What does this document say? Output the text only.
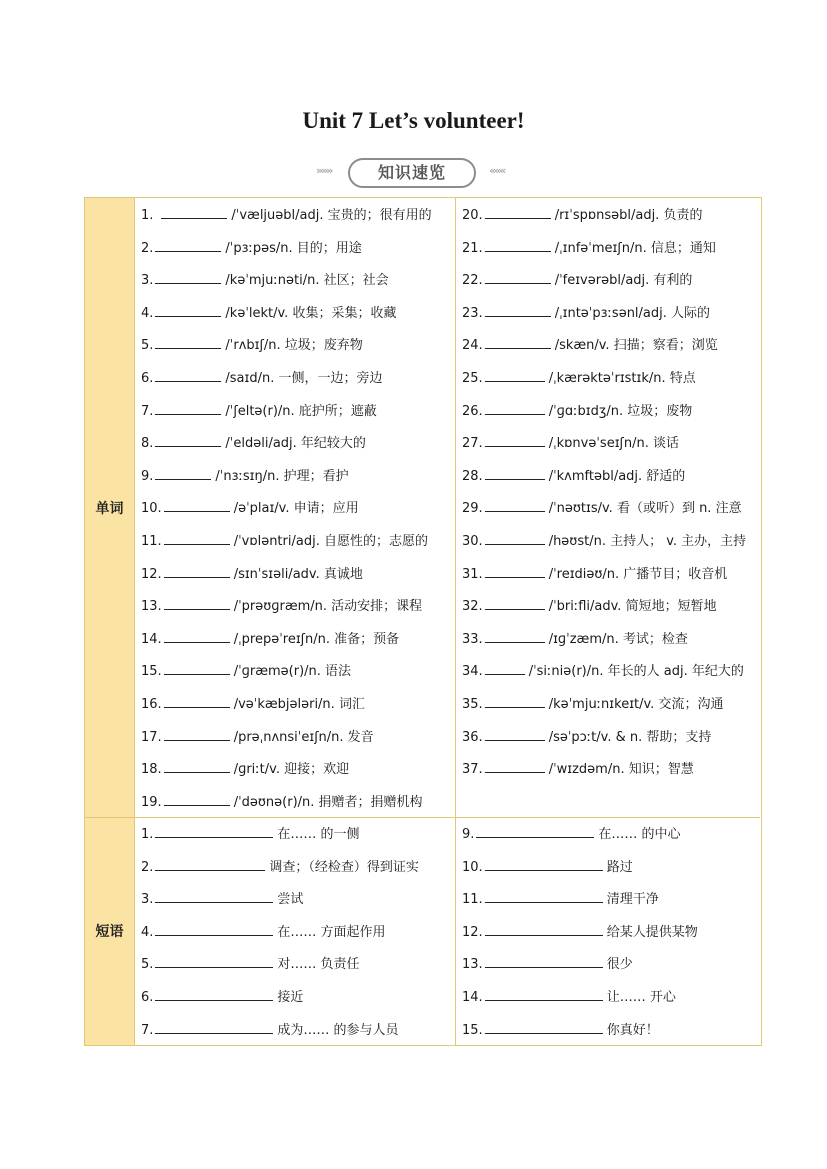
Unit 7 Let’s volunteer!
»»»	知识速览	«««
单词
1.	/ˈvæljuəbl/adj. 宝贵的；很有用的
2.	/ˈpɜːpəs/n. 目的；用途
3.	/kəˈmjuːnəti/n. 社区；社会
4.	/kəˈlekt/v. 收集；采集；收藏
5.	/ˈrʌbɪʃ/n. 垃圾；废弃物
6.	/saɪd/n. 一侧，一边；旁边
7.	/ˈʃeltə(r)/n. 庇护所；遮蔽
8.	/ˈeldəli/adj. 年纪较大的
9.	/ˈnɜːsɪŋ/n. 护理；看护
10.	/əˈplaɪ/v. 申请；应用
11.	/ˈvɒləntri/adj. 自愿性的；志愿的
12.	/sɪnˈsɪəli/adv. 真诚地
13.	/ˈprəʊɡræm/n. 活动安排；课程
14.	/ˌprepəˈreɪʃn/n. 准备；预备
15.	/ˈɡræmə(r)/n. 语法
16.	/vəˈkæbjələri/n. 词汇
17.	/prəˌnʌnsiˈeɪʃn/n. 发音
18.	/ɡriːt/v. 迎接；欢迎
19.	/ˈdəʊnə(r)/n. 捐赠者；捐赠机构
20.	/rɪˈspɒnsəbl/adj. 负责的
21.	/ˌɪnfəˈmeɪʃn/n. 信息；通知
22.	/ˈfeɪvərəbl/adj. 有利的
23.	/ˌɪntəˈpɜːsənl/adj. 人际的
24.	/skæn/v. 扫描；察看；浏览
25.	/ˌkærəktəˈrɪstɪk/n. 特点
26.	/ˈɡɑːbɪdʒ/n. 垃圾；废物
27.	/ˌkɒnvəˈseɪʃn/n. 谈话
28.	/ˈkʌmftəbl/adj. 舒适的
29.	/ˈnəʊtɪs/v. 看（或听）到 n. 注意
30.	/həʊst/n. 主持人； v. 主办，主持
31.	/ˈreɪdiəʊ/n. 广播节目；收音机
32.	/ˈbriːfli/adv. 简短地；短暂地
33.	/ɪɡˈzæm/n. 考试；检查
34.	/ˈsiːniə(r)/n. 年长的人 adj. 年纪大的
35.	/kəˈmjuːnɪkeɪt/v. 交流；沟通
36.	/səˈpɔːt/v. & n. 帮助；支持
37.	/ˈwɪzdəm/n. 知识；智慧
短语
1.	在…… 的一侧
2.	调查；（经检查）得到证实
3.	尝试
4.	在…… 方面起作用
5.	对…… 负责任
6.	接近
7.	成为…… 的参与人员
9.	在…… 的中心
10.	路过
11.	清理干净
12.	给某人提供某物
13.	很少
14.	让…… 开心
15.	你真好！
